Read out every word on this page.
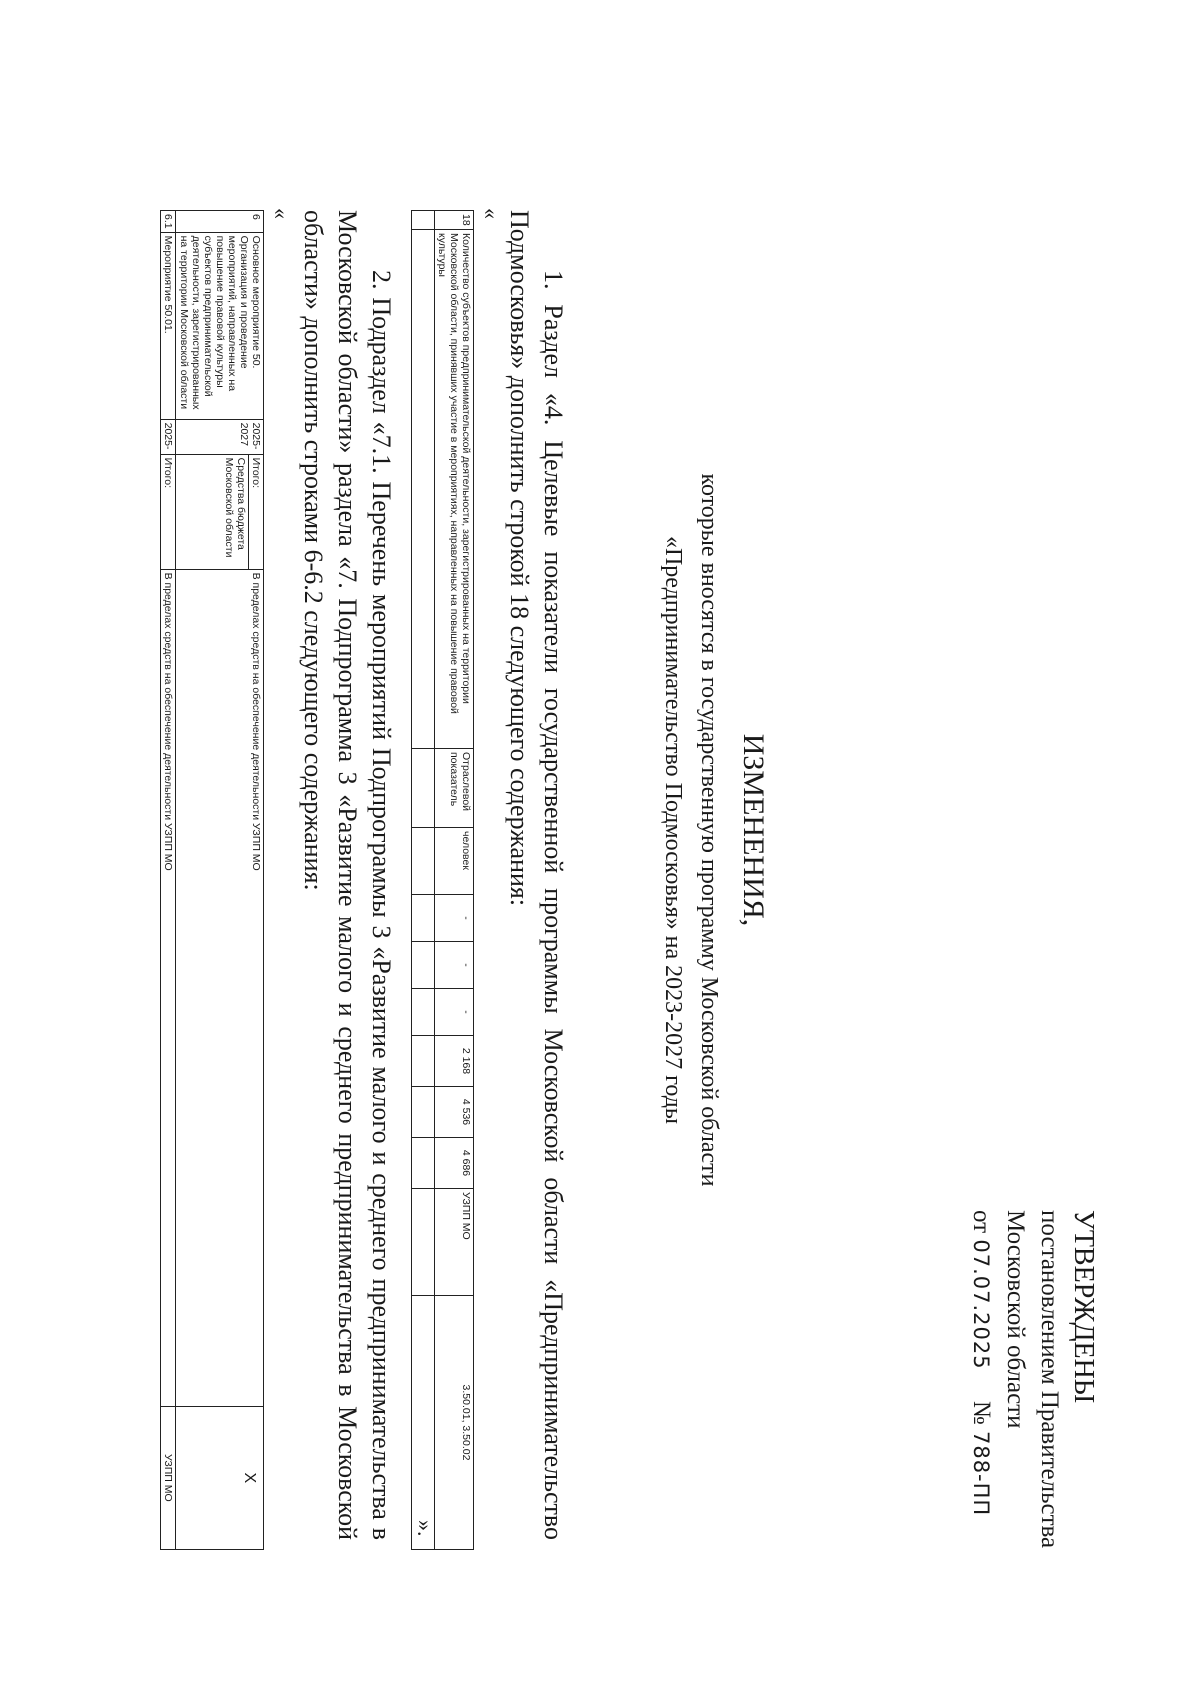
УТВЕРЖДЕНЫ
постановлением Правительства
Московской области
от 07.07.2025     № 788-ПП
ИЗМЕНЕНИЯ,
которые вносятся в государственную программу Московской области
«Предпринимательство Подмосковья» на 2023-2027 годы
1. Раздел «4. Целевые показатели государственной программы Московской области «Предпринимательство Подмосковья» дополнить строкой 18 следующего содержания:
«
18	Количество субъектов предпринимательской деятельности, зарегистрированных на территории Московской области, принявших участие в мероприятиях, направленных на повышение правовой культуры	Отраслевой показатель	человек	-	-	-	2 168	4 536	4 686	УЗПП МО	3.50.01, 3.50.02

».
2. Подраздел «7.1. Перечень мероприятий Подпрограммы 3 «Развитие малого и среднего предпринимательства в Московской области» раздела «7. Подпрограмма 3 «Развитие малого и среднего предпринимательства в Московской области» дополнить строками 6-6.2 следующего содержания:
«
6	Основное мероприятие 50. Организация и проведение мероприятий, направленных на повышение правовой культуры субъектов предпринимательской деятельности, зарегистрированных на территории Московской области	2025-2027	Итого:	В пределах средств на обеспечение деятельности УЗПП МО	X
			Средства бюджета Московской области		
6.1	Мероприятие 50.01.	2025-	Итого:	В пределах средств на обеспечение деятельности УЗПП МО	УЗПП МО
